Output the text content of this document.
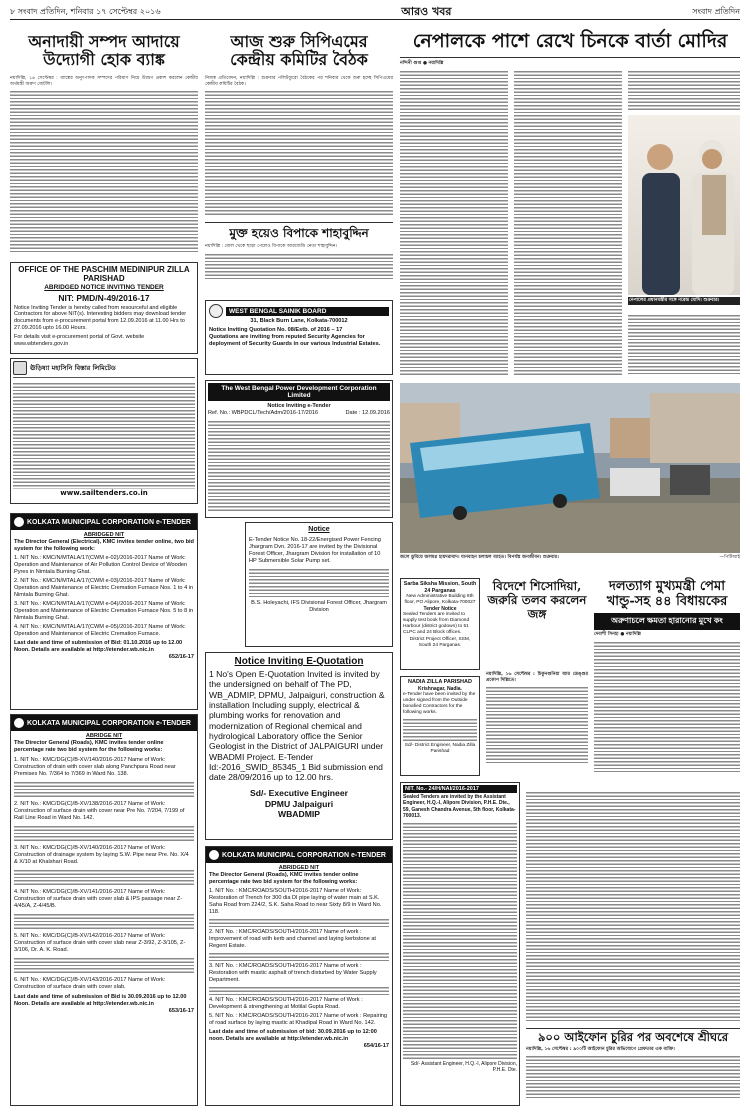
৮ সংবাদ প্রতিদিন, শনিবার ১৭ সেপ্টেম্বর ২০১৬	আরও খবর	সংবাদ প্রতিদিন
অনাদায়ী সম্পদ আদায়ে উদ্যোগী হোক ব্যাঙ্ক
নয়াদিল্লি, ১৬ সেপ্টেম্বর : ব্যাঙ্কের অনুৎপাদক সম্পদের পরিমাণ নিয়ে উদ্বেগ প্রকাশ করলেন কেন্দ্রীয় অর্থমন্ত্রী অরুণ জেটলি।
OFFICE OF THE PASCHIM MEDINIPUR ZILLA PARISHAD
ABRIDGED NOTICE INVITING TENDER
NIT: PMD/N-49/2016-17
Notice Inviting Tender is hereby called from resourceful and eligible Contractors for above NIT(s). Interesting bidders may download tender documents from e-procurement portal from 12.09.2016 at 11.00 Hrs to 27.09.2016 upto 16.00 Hours.
For details visit e-procurement portal of Govt. website www.wbtenders.gov.in
ঊড়িষ্যা মহাসিনি বিস্তার লিমিটেড
www.sailtenders.co.in
KOLKATA MUNICIPAL CORPORATION e-TENDER
ABRIDGED NIT
The Director General (Electrical), KMC invites tender online, two bid system for the following work:
1. NIT No.: KMC/N/MTALA/17(CWM e-02)/2016-2017 Name of Work: Operation and Maintenance of Air Pollution Control Device of Wooden Pyres in Nimtala Burning Ghat.
2. NIT No.: KMC/N/MTALA/17(CWM e-03)/2016-2017 Name of Work: Operation and Maintenance of Electric Cremation Furnace Nos. 1 to 4 in Nimtala Burning Ghat.
3. NIT No.: KMC/N/MTALA/17(CWM e-04)/2016-2017 Name of Work: Operation and Maintenance of Electric Cremation Furnace Nos. 5 to 8 in Nimtala Burning Ghat.
4. NIT No.: KMC/N/MTALA/17(CWM e-05)/2016-2017 Name of Work: Operation and Maintenance of Electric Cremation Furnace.
Last date and time of submission of Bid: 01.10.2016 up to 12.00 Noon. Details are available at http://etender.wb.nic.in
652/16-17
KOLKATA MUNICIPAL CORPORATION e-TENDER
ABRIDGE NIT
The Director General (Roads), KMC invites tender online percentage rate two bid system for the following works:
1. NIT No.: KMC/DG(C)/B-XV/140/2016-2017 Name of Work: Construction of drain with cover slab along Panchpara Road near Premises No. 7/364 to 7/369 in Ward No. 138.
2. NIT No.: KMC/DG(C)/B-XV/138/2016-2017 Name of Work: Construction of surface drain with cover near Pre No. 7/204, 7/199 of Rail Line Road in Ward No. 142.
3. NIT No.: KMC/DG(C)/B-XV/140/2016-2017 Name of Work: Construction of drainage system by laying S.W. Pipe near Pre. No. X/4 & X/10 at Khalshari Road.
4. NIT No.: KMC/DG(C)/B-XV/141/2016-2017 Name of Work: Construction of surface drain with cover slab & IPS passage near Z-4/45/A, Z-4/45/B.
5. NIT No.: KMC/DG(C)/B-XV/142/2016-2017 Name of Work: Construction of surface drain with cover slab near Z-3/92, Z-3/105, Z-3/106, Dr. A. K. Road.
6. NIT No.: KMC/DG(C)/B-XV/143/2016-2017 Name of Work: Construction of surface drain with cover slab.
Last date and time of submission of Bid is 30.09.2016 up to 12.00 Noon. Details are available at http://etender.wb.nic.in
653/16-17
আজ শুরু সিপিএমের কেন্দ্রীয় কমিটির বৈঠক
নিজস্ব প্রতিবেদন, নয়াদিল্লি : শুক্রবার পলিটব্যুরো বৈঠকের পর শনিবার থেকে শুরু হচ্ছে সিপিএমের কেন্দ্রীয় কমিটির বৈঠক।
মুক্ত হয়েও বিপাকে শাহাবুদ্দিন
নয়াদিল্লি : জেল থেকে ছাড়া পেলেও বিপাকে আরজেডি নেতা শাহাবুদ্দিন।
WEST BENGAL SAINIK BOARD
31, Black Burn Lane, Kolkata-700012
Notice Inviting Quotation No. 08/Estb. of 2016 – 17
Quotations are inviting from reputed Security Agencies for deployment of Security Guards in our various Industrial Estates.
The West Bengal Power Development Corporation Limited
Notice Inviting e-Tender
Ref. No.: WBPDCL/Tech/Adm/2016-17/2016	Date : 12.09.2016
Notice
E-Tender Notice No. 18-22/Energised Power Fencing Jhargram Dvn. 2016-17 are invited by the Divisional Forest Officer, Jhargram Division for installation of 10 HP Submersible Solar Pump set.
B.S. Holeyachi, IFS Divisional Forest Officer, Jhargram Division
Notice Inviting E-Quotation
1 No's Open E-Quotation Invited is invited by the undersigned on behalf of The PD, WB_ADMIP, DPMU, Jalpaiguri, construction & installation Including supply, electrical & plumbing works for renovation and modernization of Regional chemical and hydrological Laboratory office the Senior Geologist in the District of JALPAIGURI under WBADMI Project. E-Tender Id:-2016_SWID_85345_1 Bid submission end date 28/09/2016 up to 12.00 hrs.
Sd/- Executive Engineer DPMU Jalpaiguri WBADMIP
KOLKATA MUNICIPAL CORPORATION e-TENDER
ABRIDGED NIT
The Director General (Roads), KMC invites tender online percentage rate two bid system for the following works:
1. NIT No. : KMC/ROADS/SOUTH/2016-2017 Name of Work: Restoration of Trench for 300 dia DI pipe laying of water main at S.K. Saha Road from 224/2, S.K. Saha Road to near Sixty 8/9 in Ward No. 118.
2. NIT No. : KMC/ROADS/SOUTH/2016-2017 Name of work : Improvement of road with kerb and channel and laying kerbstone at Regent Estate.
3. NIT No. : KMC/ROADS/SOUTH/2016-2017 Name of work : Restoration with mastic asphalt of trench disturbed by Water Supply Department.
4. NIT No. : KMC/ROADS/SOUTH/2016-2017 Name of Work : Development & strengthening at Motilal Gupta Road.
5. NIT No. : KMC/ROADS/SOUTH/2016-2017 Name of work : Repairing of road surface by laying mastic at Khadipal Road in Ward No. 142.
Last date and time of submission of bid: 30.09.2016 up to 12:00 noon. Details are available at http://etender.wb.nic.in
654/16-17
নেপালকে পাশে রেখে চিনকে বার্তা মোদির
নন্দিনী গুপ্ত ● নয়াদিল্লি
নেপালের প্রধানমন্ত্রীর সঙ্গে নরেন্দ্র মোদি। শুক্রবার।
জলে ডুবিয়ে জলমগ্ন হায়দরাবাদ। যানবাহন চলাচল ব্যাহত। বিপর্যস্ত জনজীবন। শুক্রবার।	—পিটিআই
Sarba Siksha Mission, South 24 Parganas
New Administrative Building 8th floor, PO Alipore, Kolkata-700027
Tender Notice
Sealed Tenders are invited to supply test book from Diamond Harbour (district godown) to 51 CLPC and 24 Block offices.
District Project Officer, SSM, South 24 Parganas.
বিদেশে শিসোদিয়া, জরুরি তলব করলেন জঙ্গ
নয়াদিল্লি, ১৬ সেপ্টেম্বর : চিকুনগুনিয়া আর ডেঙ্গুর প্রকোপ দিল্লিতে।
দলত্যাগ মুখ্যমন্ত্রী পেমা খান্ডু-সহ ৪৪ বিধায়কের
অরুণাচলে ক্ষমতা হারানোর মুখে কং
দেবাশী সিনহা ● নয়াদিল্লি
NADIA ZILLA PARISHAD
Krishnagar, Nadia.
e-Tender have been invited by the under signed from the Outside bonafied Contractors for the following works.
Sd/- District Engineer, Nadia Zilla Parishad
NIT. No.- 24/H/NAI/2016-2017
Sealed Tenders are invited by the Assistant Engineer, H.Q.-I, Alipore Division, P.H.E. Dte., 59, Ganesh Chandra Avenue, 5th floor, Kolkata-700013.
Sd/- Assistant Engineer, H.Q.-I, Alipore Division, P.H.E. Dte.
৯০০ আইফোন চুরির পর অবশেষে শ্রীঘরে
নয়াদিল্লি, ১৬ সেপ্টেম্বর : ৯০০টি আইফোন চুরির অভিযোগে গ্রেফতার এক ব্যক্তি।
